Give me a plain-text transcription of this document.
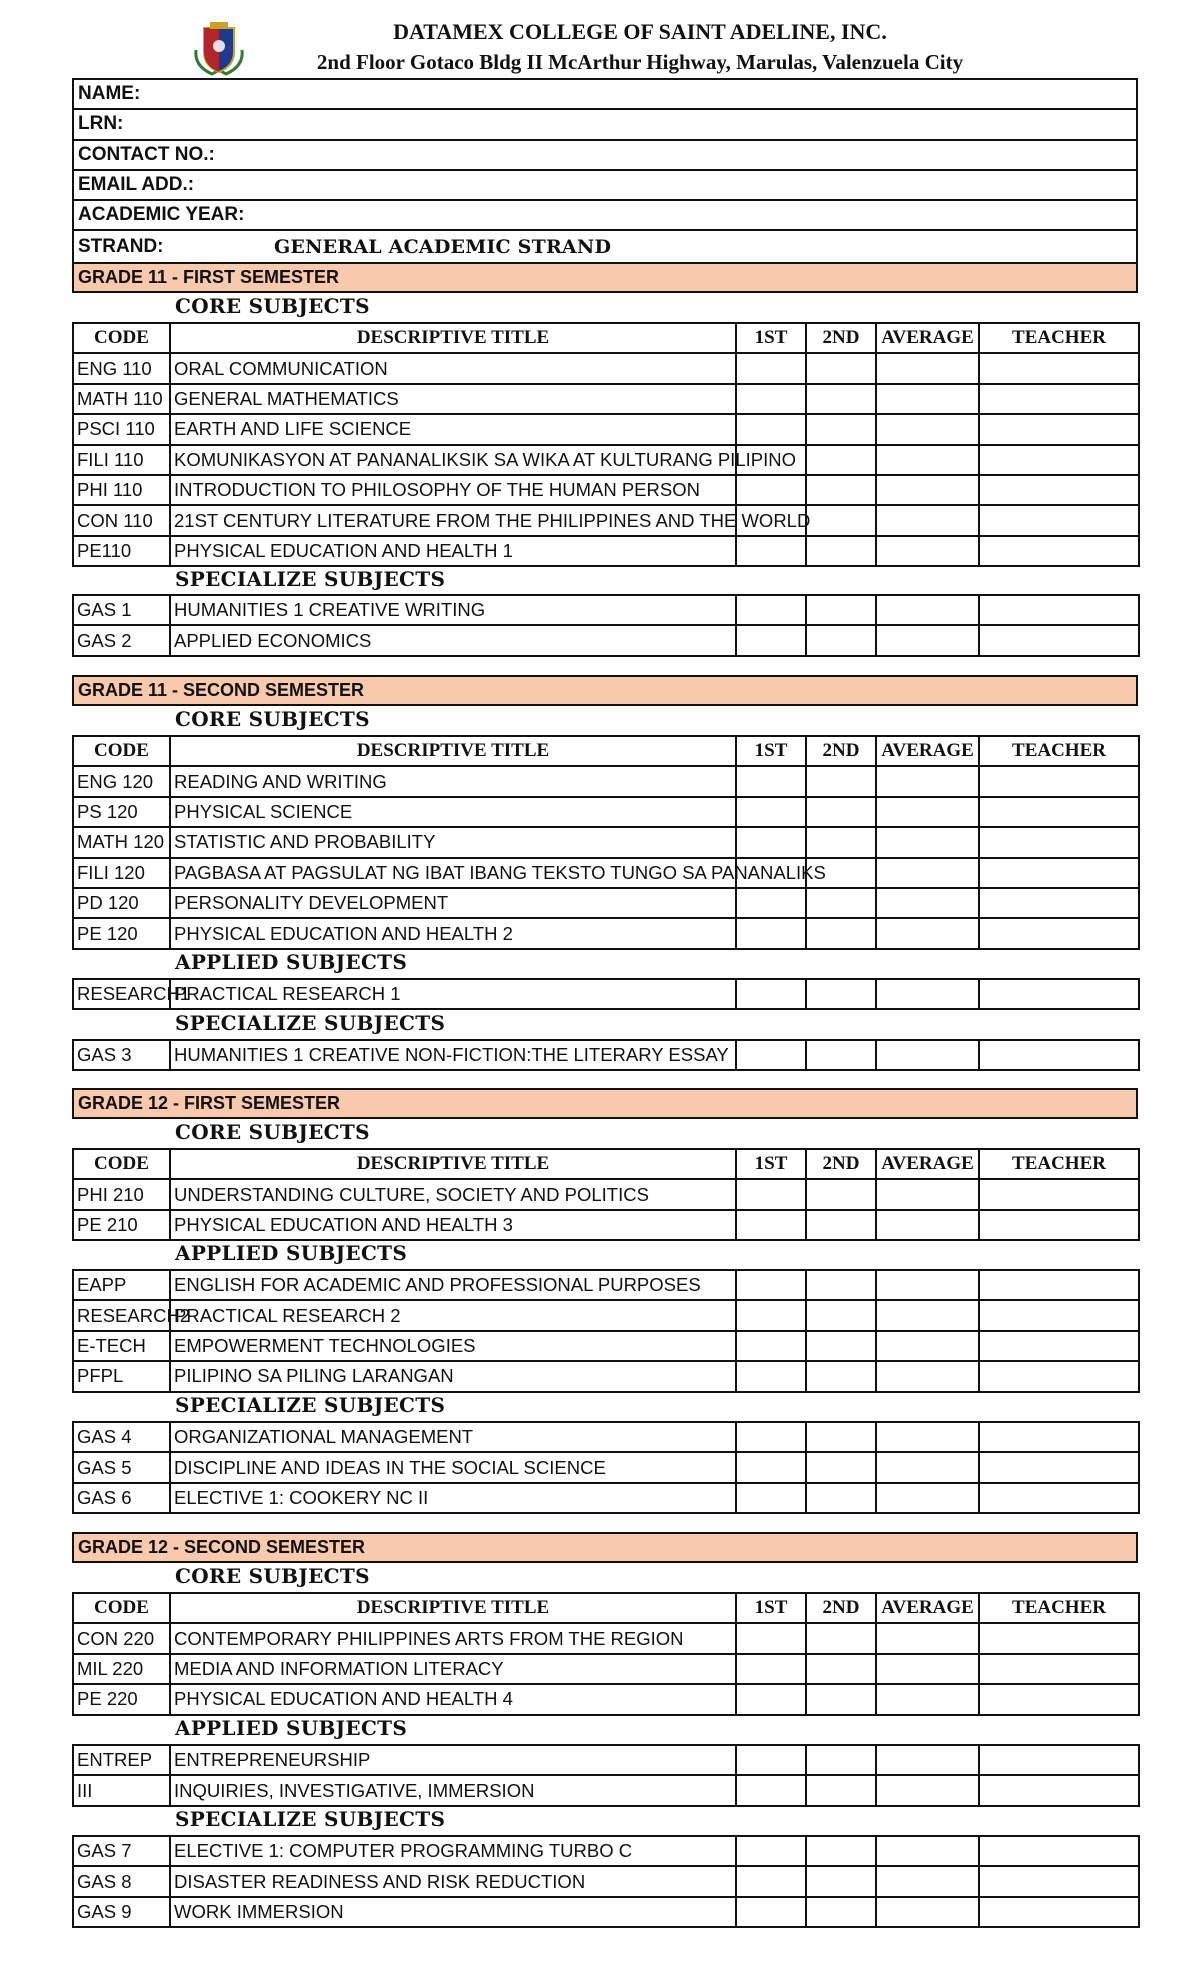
DATAMEX COLLEGE OF SAINT ADELINE, INC.
2nd Floor Gotaco Bldg II McArthur Highway, Marulas, Valenzuela City
NAME:
LRN:
CONTACT NO.:
EMAIL ADD.:
ACADEMIC YEAR:
STRAND:	GENERAL ACADEMIC STRAND
GRADE 11 - FIRST SEMESTER
CORE SUBJECTS
CODE	DESCRIPTIVE TITLE	1ST	2ND	AVERAGE	TEACHER
ENG 110	ORAL COMMUNICATION				
MATH 110	GENERAL MATHEMATICS				
PSCI 110	EARTH AND LIFE SCIENCE				
FILI 110	KOMUNIKASYON AT PANANALIKSIK SA WIKA AT KULTURANG PILIPINO				
PHI 110	INTRODUCTION TO PHILOSOPHY OF THE HUMAN PERSON				
CON 110	21ST CENTURY LITERATURE FROM THE PHILIPPINES AND THE WORLD				
PE110	PHYSICAL EDUCATION AND HEALTH 1				
SPECIALIZE SUBJECTS
GAS 1	HUMANITIES 1 CREATIVE WRITING				
GAS 2	APPLIED ECONOMICS				
GRADE 11 - SECOND SEMESTER
CORE SUBJECTS
CODE	DESCRIPTIVE TITLE	1ST	2ND	AVERAGE	TEACHER
ENG 120	READING AND WRITING				
PS 120	PHYSICAL SCIENCE				
MATH 120	STATISTIC AND PROBABILITY				
FILI 120	PAGBASA AT PAGSULAT NG IBAT IBANG TEKSTO TUNGO SA PANANALIKS				
PD 120	PERSONALITY DEVELOPMENT				
PE 120	PHYSICAL EDUCATION AND HEALTH 2				
APPLIED SUBJECTS
RESEARCH1	PRACTICAL RESEARCH 1				
SPECIALIZE SUBJECTS
GAS 3	HUMANITIES 1 CREATIVE NON-FICTION:THE LITERARY ESSAY				
GRADE 12 - FIRST SEMESTER
CORE SUBJECTS
CODE	DESCRIPTIVE TITLE	1ST	2ND	AVERAGE	TEACHER
PHI 210	UNDERSTANDING CULTURE, SOCIETY AND POLITICS				
PE 210	PHYSICAL EDUCATION AND HEALTH 3				
APPLIED SUBJECTS
EAPP	ENGLISH FOR ACADEMIC AND PROFESSIONAL PURPOSES				
RESEARCH2	PRACTICAL RESEARCH 2				
E-TECH	EMPOWERMENT TECHNOLOGIES				
PFPL	PILIPINO SA PILING LARANGAN				
SPECIALIZE SUBJECTS
GAS 4	ORGANIZATIONAL MANAGEMENT				
GAS 5	DISCIPLINE AND IDEAS IN THE SOCIAL SCIENCE				
GAS 6	ELECTIVE 1: COOKERY NC II				
GRADE 12 - SECOND SEMESTER
CORE SUBJECTS
CODE	DESCRIPTIVE TITLE	1ST	2ND	AVERAGE	TEACHER
CON 220	CONTEMPORARY PHILIPPINES ARTS FROM THE REGION				
MIL 220	MEDIA AND INFORMATION LITERACY				
PE 220	PHYSICAL EDUCATION AND HEALTH 4				
APPLIED SUBJECTS
ENTREP	ENTREPRENEURSHIP				
III	INQUIRIES, INVESTIGATIVE, IMMERSION				
SPECIALIZE SUBJECTS
GAS 7	ELECTIVE 1: COMPUTER PROGRAMMING TURBO C				
GAS 8	DISASTER READINESS AND RISK REDUCTION				
GAS 9	WORK IMMERSION				
